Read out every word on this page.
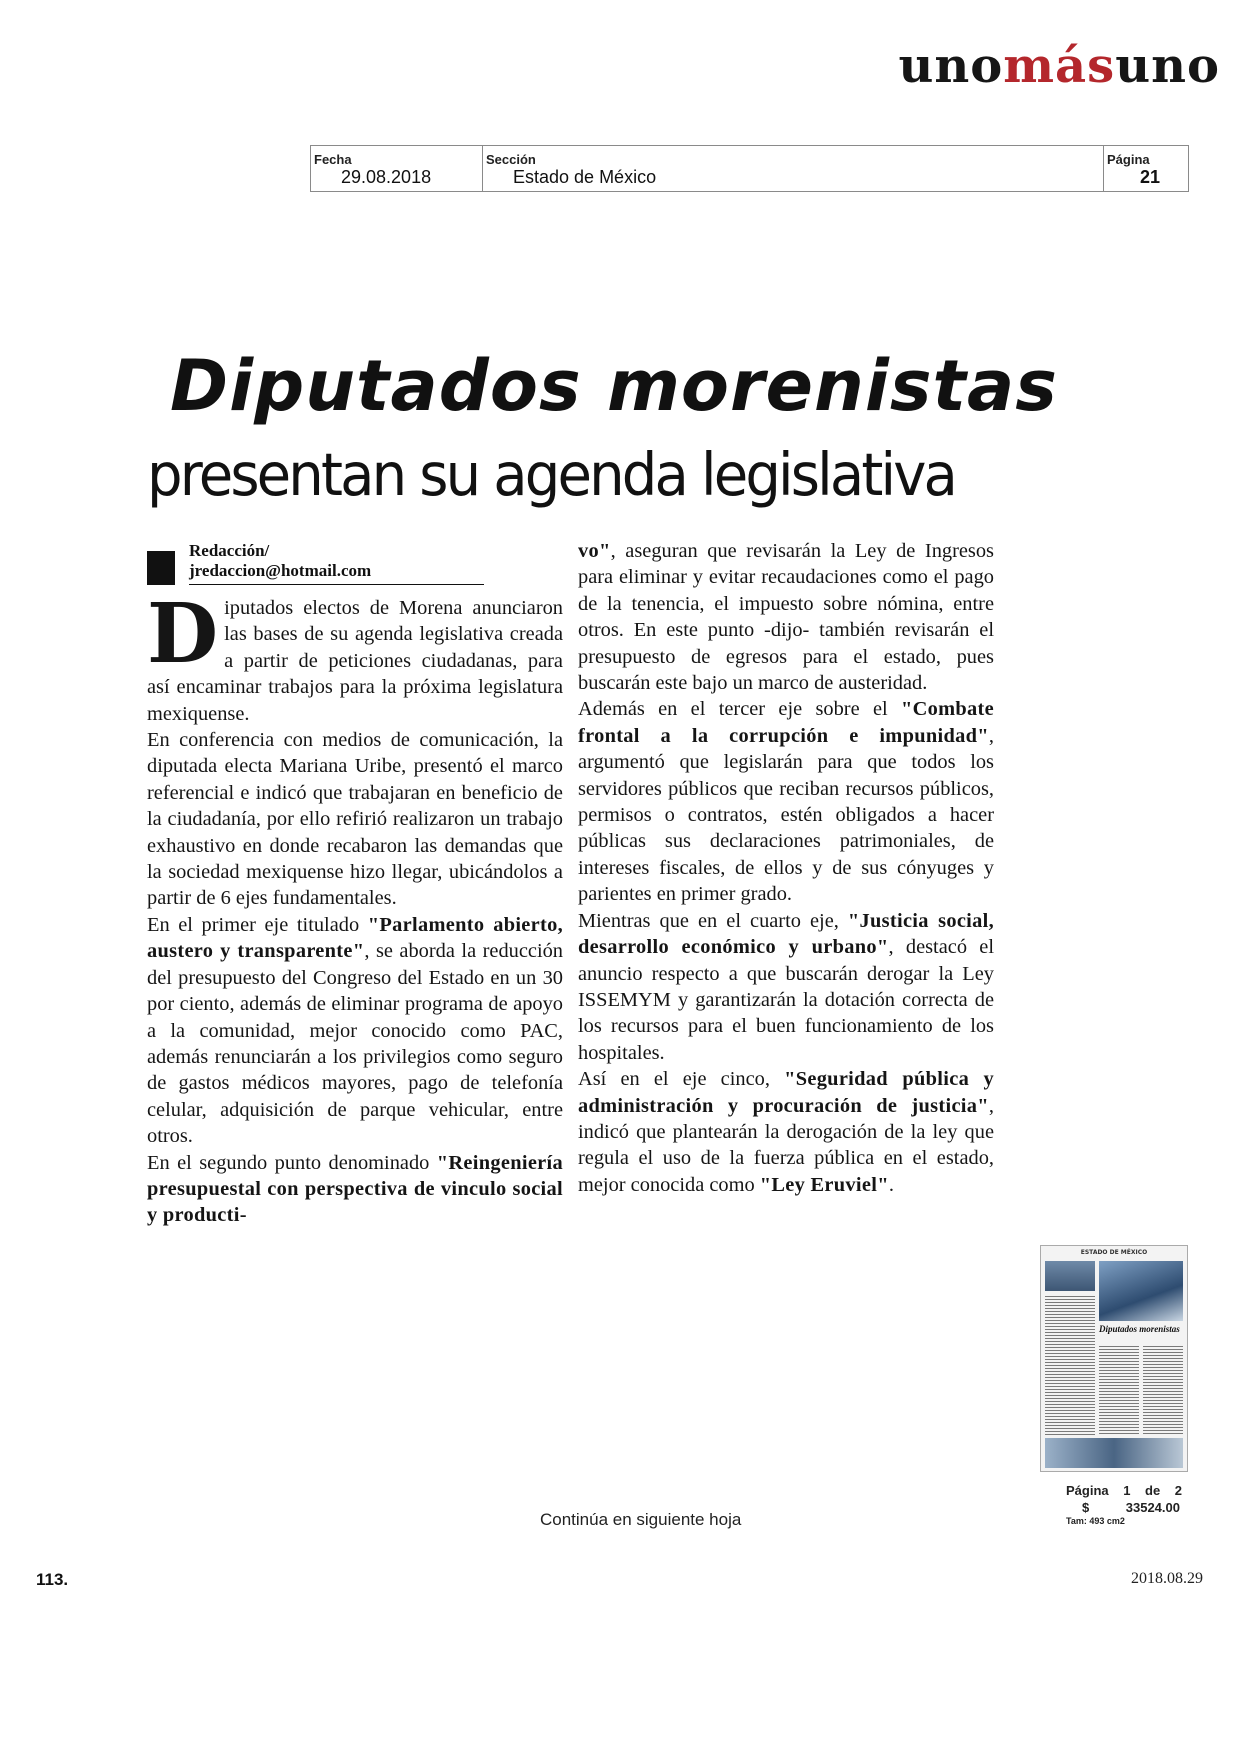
unomásuno
Fecha
29.08.2018
Sección
Estado de México
Página
21
Diputados morenistas
presentan su agenda legislativa
Redacción/
jredaccion@hotmail.com

Diputados electos de Morena anunciaron las bases de su agenda legislativa creada a partir de peticiones ciudadanas, para así encaminar trabajos para la próxima legislatura mexiquense.

En conferencia con medios de comunicación, la diputada electa Mariana Uribe, presentó el marco referencial e indicó que trabajaran en beneficio de la ciudadanía, por ello refirió realizaron un trabajo exhaustivo en donde recabaron las demandas que la sociedad mexiquense hizo llegar, ubicándolos a partir de 6 ejes fundamentales.

En el primer eje titulado "Parlamento abierto, austero y transparente", se aborda la reducción del presupuesto del Congreso del Estado en un 30 por ciento, además de eliminar programa de apoyo a la comunidad, mejor conocido como PAC, además renunciarán a los privilegios como seguro de gastos médicos mayores, pago de telefonía celular, adquisición de parque vehicular, entre otros.

En el segundo punto denominado "Reingeniería presupuestal con perspectiva de vinculo social y producti-

vo", aseguran que revisarán la Ley de Ingresos para eliminar y evitar recaudaciones como el pago de la tenencia, el impuesto sobre nómina, entre otros. En este punto -dijo- también revisarán el presupuesto de egresos para el estado, pues buscarán este bajo un marco de austeridad.

Además en el tercer eje sobre el "Combate frontal a la corrupción e impunidad", argumentó que legislarán para que todos los servidores públicos que reciban recursos públicos, permisos o contratos, estén obligados a hacer públicas sus declaraciones patrimoniales, de intereses fiscales, de ellos y de sus cónyuges y parientes en primer grado.

Mientras que en el cuarto eje, "Justicia social, desarrollo económico y urbano", destacó el anuncio respecto a que buscarán derogar la Ley ISSEMYM y garantizarán la dotación correcta de los recursos para el buen funcionamiento de los hospitales.

Así en el eje cinco, "Seguridad pública y administración y procuración de justicia", indicó que plantearán la derogación de la ley que regula el uso de la fuerza pública en el estado, mejor conocida como "Ley Eruviel".

Continúa en siguiente hoja
ESTADO DE MÉXICO
Diputados morenistas
Página 1 de 2
$	33524.00
Tam: 493 cm2
113.	2018.08.29
